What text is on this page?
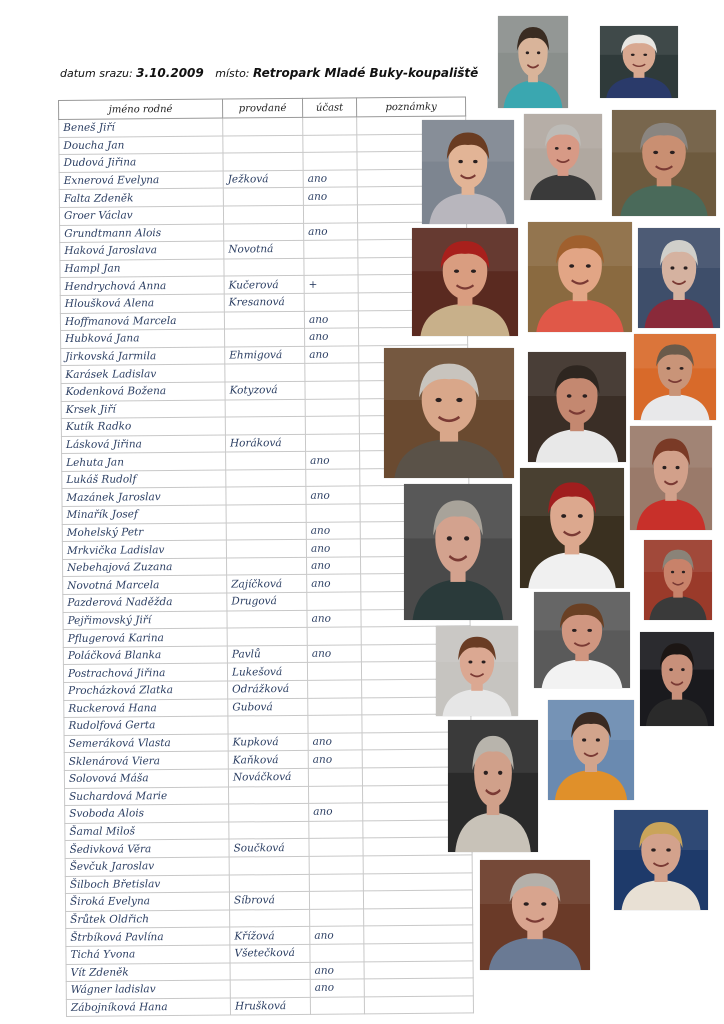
datum srazu: 3.10.2009 místo: Retropark Mladé Buky-koupaliště
jméno rodné	provdané	účast	poznámky
Beneš Jiří			
Doucha Jan			
Dudová Jiřina			
Exnerová Evelyna	Ježková	ano	
Falta Zdeněk		ano	
Groer Václav			
Grundtmann Alois		ano	
Haková Jaroslava	Novotná		
Hampl Jan			
Hendrychová Anna	Kučerová	+	
Hloušková Alena	Kresanová		
Hoffmanová Marcela		ano	
Hubková Jana		ano	
Jirkovská Jarmila	Ehmigová	ano	
Karásek Ladislav			
Kodenková Božena	Kotyzová		
Krsek Jiří			
Kutík Radko			
Lásková Jiřina	Horáková		
Lehuta Jan		ano	
Lukáš Rudolf			
Mazánek Jaroslav		ano	
Minařík Josef			
Mohelský Petr		ano	
Mrkvička Ladislav		ano	
Nebehajová Zuzana		ano	
Novotná Marcela	Zajíčková	ano	
Pazderová Naděžda	Drugová		
Pejřimovský Jiří		ano	
Pflugerová Karina			
Poláčková Blanka	Pavlů	ano	
Postrachová Jiřina	Lukešová		
Procházková Zlatka	Odrážková		
Ruckerová Hana	Gubová		
Rudolfová Gerta			
Semeráková Vlasta	Kupková	ano	
Sklenárová Viera	Kaňková	ano	
Solovová Máša	Nováčková		
Suchardová Marie			
Svoboda Alois		ano	
Šamal Miloš			
Šedivková Věra	Součková		
Ševčuk Jaroslav			
Šilboch Břetislav			
Široká Evelyna	Síbrová		
Šrůtek Oldřich			
Štrbíková Pavlína	Křížová	ano	
Tichá Yvona	Všetečková		
Vít Zdeněk		ano	
Wágner ladislav		ano	
Zábojníková Hana	Hrušková		
